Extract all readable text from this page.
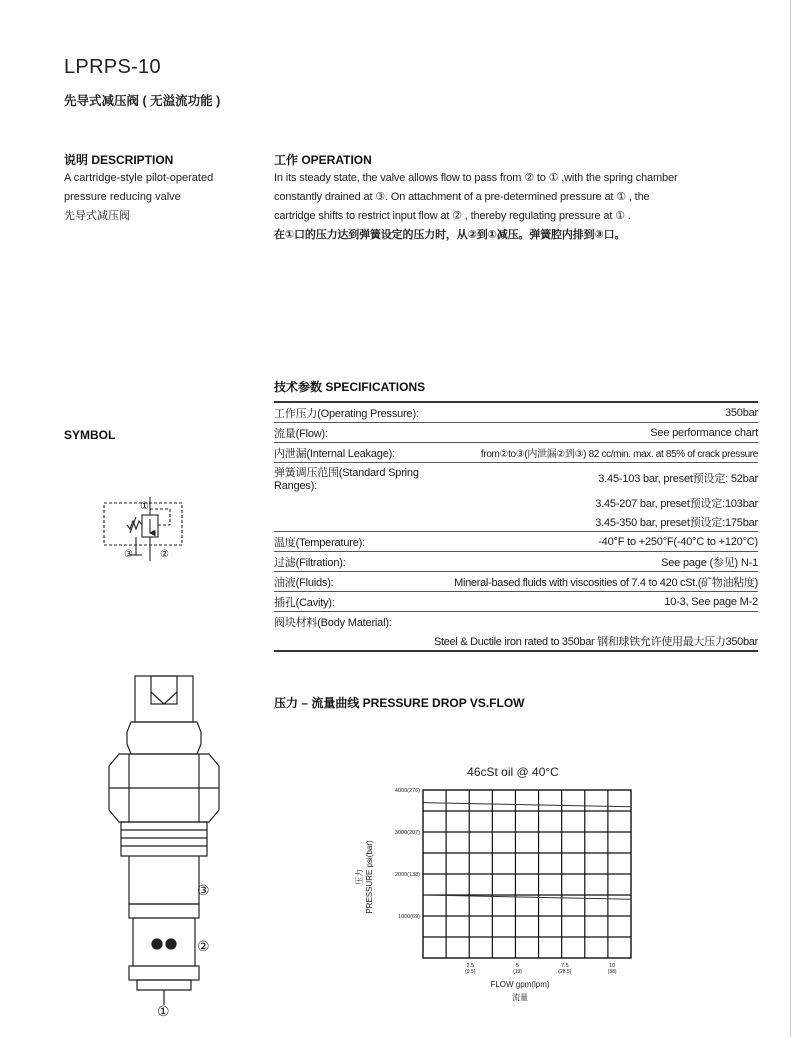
LPRPS-10
先导式减压阀 ( 无溢流功能 )
说明 DESCRIPTION
A cartridge-style pilot-operated
pressure reducing valve
先导式减压阀
工作 OPERATION
In its steady state, the valve allows flow to pass from ② to ① ,with the spring chamber
constantly drained at ③. On attachment of a pre-determined pressure at ① , the
cartridge shifts to restrict input flow at ② , thereby regulating pressure at ① .
在①口的压力达到弹簧设定的压力时，从②到①减压。弹簧腔内排到③口。
技术参数 SPECIFICATIONS
工作压力(Operating Pressure):	350bar
流量(Flow):	See performance chart
内泄漏(Internal Leakage):	from②to③(内泄漏②到③) 82 cc/min. max. at 85% of crack pressure
弹簧调压范围(Standard Spring Ranges):	3.45-103 bar, preset预设定: 52bar
	3.45-207 bar, preset预设定:103bar
	3.45-350 bar, preset预设定:175bar
温度(Temperature):	-40°F to +250°F(-40°C to +120°C)
过滤(Filtration):	See page (参见) N-1
油液(Fluids):	Mineral-based fluids with viscosities of 7.4 to 420 cSt.(矿物油粘度)
插孔(Cavity):	10-3, See page M-2
阀块材料(Body Material):	
Steel & Ductile iron rated to 350bar 钢和球铁允许使用最大压力350bar	
SYMBOL
①
②
③
③
②
①
压力 – 流量曲线 PRESSURE DROP VS.FLOW
46cSt oil @ 40°C
1000(69)
2000(138)
3000(207)
4000(276)
2.5
(9.5)
5
(19)
7.5
(28.5)
10
(38)
PRESSURE psi(bar)
压力
FLOW gpm(lpm)
流量
